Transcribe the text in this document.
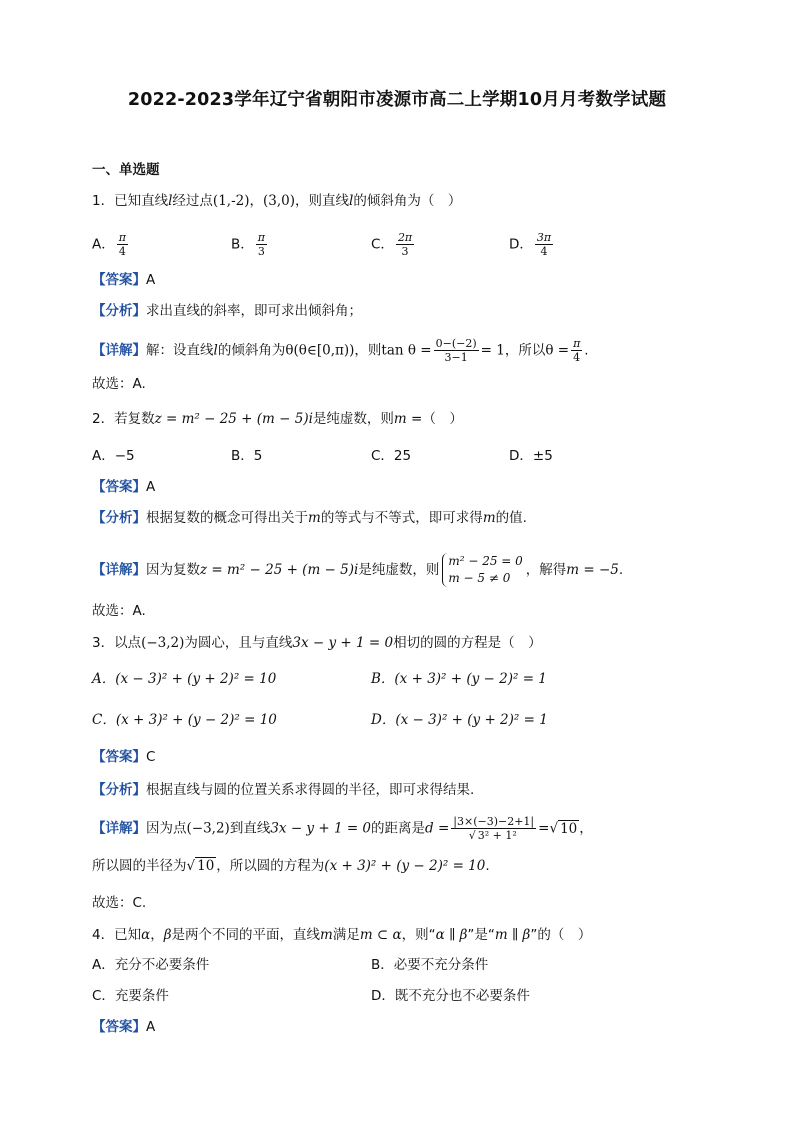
2022-2023学年辽宁省朝阳市凌源市高二上学期10月月考数学试题
一、单选题
1．已知直线l经过点(1,-2)，(3,0)，则直线l的倾斜角为（　）
A． $\frac{\pi}{4}$	B． $\frac{\pi}{3}$	C． $\frac{2\pi}{3}$	D． $\frac{3\pi}{4}$
【答案】A
【分析】求出直线的斜率，即可求出倾斜角；
【详解】解：设直线l的倾斜角为θ(θ∈[0,π))，则$\tan \theta = \frac{0-(-2)}{3-1} = 1$，所以$\theta = \frac{\pi}{4}$ .
故选：A.
2．若复数z = m² − 25 + (m − 5)i是纯虚数，则m =（　）
A．−5	B．5	C．25	D．±5
【答案】A
【分析】根据复数的概念可得出关于m的等式与不等式，即可求得m的值.
【详解】因为复数z = m² − 25 + (m − 5)i是纯虚数，则
m² − 25 = 0
m − 5 ≠ 0	，解得m = −5.
故选：A.
3．以点(−3,2)为圆心，且与直线3x − y + 1 = 0相切的圆的方程是（　）
A．(x − 3)² + (y + 2)² = 10	B．(x + 3)² + (y − 2)² = 1
C．(x + 3)² + (y − 2)² = 10	D．(x − 3)² + (y + 2)² = 1
【答案】C
【分析】根据直线与圆的位置关系求得圆的半径，即可求得结果.
【详解】因为点(−3,2)到直线3x − y + 1 = 0的距离是$d = \frac{|3\times(-3)-2+1|}{\text{√ 3² + 1²}}$ =√ 10 ，
所以圆的半径为√ 10 ，所以圆的方程为(x + 3)² + (y − 2)² = 10.
故选：C.
4．已知α，β是两个不同的平面，直线m满足m ⊂ α，则“α ∥ β”是“m ∥ β”的（　）
A．充分不必要条件	B．必要不充分条件
C．充要条件	D．既不充分也不必要条件
【答案】A
